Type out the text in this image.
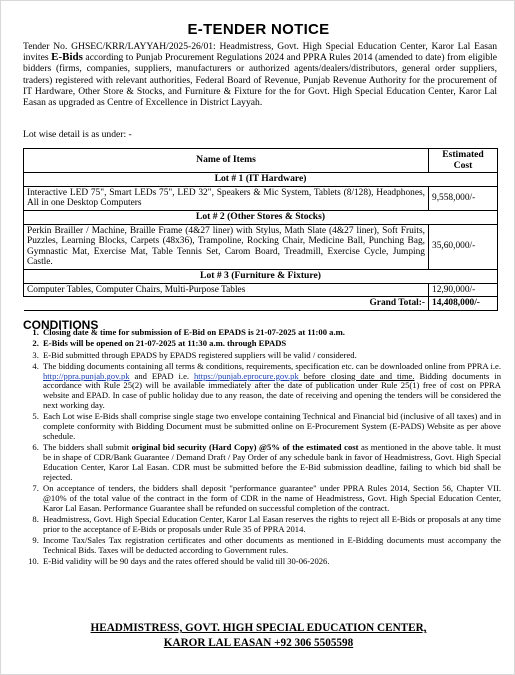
E-TENDER NOTICE
Tender No. GHSEC/KRR/LAYYAH/2025-26/01: Headmistress, Govt. High Special Education Center, Karor Lal Easan invites E-Bids according to Punjab Procurement Regulations 2024 and PPRA Rules 2014 (amended to date) from eligible bidders (firms, companies, suppliers, manufacturers or authorized agents/dealers/distributors, general order suppliers, traders) registered with relevant authorities, Federal Board of Revenue, Punjab Revenue Authority for the procurement of IT Hardware, Other Store & Stocks, and Furniture & Fixture for the for Govt. High Special Education Center, Karor Lal Easan as upgraded as Centre of Excellence in District Layyah.
Lot wise detail is as under: -
Name of Items	Estimated
Cost
Lot # 1 (IT Hardware)	
Interactive LED 75", Smart LEDs 75", LED 32", Speakers & Mic System, Tablets (8/128), Headphones, All in one Desktop Computers	9,558,000/-
Lot # 2 (Other Stores & Stocks)	
Perkin Brailler / Machine, Braille Frame (4&27 liner) with Stylus, Math Slate (4&27 liner), Soft Fruits, Puzzles, Learning Blocks, Carpets (48x36), Trampoline, Rocking Chair, Medicine Ball, Punching Bag, Gymnastic Mat, Exercise Mat, Table Tennis Set, Carom Board, Treadmill, Exercise Cycle, Jumping Castle.	35,60,000/-
Lot # 3 (Furniture & Fixture)	
Computer Tables, Computer Chairs, Multi-Purpose Tables	12,90,000/-
Grand Total:-	14,408,000/-
CONDITIONS
1. Closing date & time for submission of E-Bid on EPADS is 21-07-2025 at 11:00 a.m.
2. E-Bids will be opened on 21-07-2025 at 11:30 a.m. through EPADS
3. E-Bid submitted through EPADS by EPADS registered suppliers will be valid / considered.
4. The bidding documents containing all terms & conditions, requirements, specification etc. can be downloaded online from PPRA i.e. http://ppra.punjab.gov.pk and EPAD i.e. https://punjab.eprocure.gov.pk before closing date and time. Bidding documents in accordance with Rule 25(2) will be available immediately after the date of publication under Rule 25(1) free of cost on PPRA website and EPAD. In case of public holiday due to any reason, the date of receiving and opening the tenders will be considered the next working day.
5. Each Lot wise E-Bids shall comprise single stage two envelope containing Technical and Financial bid (inclusive of all taxes) and in complete conformity with Bidding Document must be submitted online on E-Procurement System (E-PADS) Website as per above schedule.
6. The bidders shall submit original bid security (Hard Copy) @5% of the estimated cost as mentioned in the above table. It must be in shape of CDR/Bank Guarantee / Demand Draft / Pay Order of any schedule bank in favor of Headmistress, Govt. High Special Education Center, Karor Lal Easan. CDR must be submitted before the E-Bid submission deadline, failing to which bid shall be rejected.
7. On acceptance of tenders, the bidders shall deposit "performance guarantee" under PPRA Rules 2014, Section 56, Chapter VII. @10% of the total value of the contract in the form of CDR in the name of Headmistress, Govt. High Special Education Center, Karor Lal Easan. Performance Guarantee shall be refunded on successful completion of the contract.
8. Headmistress, Govt. High Special Education Center, Karor Lal Easan reserves the rights to reject all E-Bids or proposals at any time prior to the acceptance of E-Bids or proposals under Rule 35 of PPRA 2014.
9. Income Tax/Sales Tax registration certificates and other documents as mentioned in E-Bidding documents must accompany the Technical Bids. Taxes will be deducted according to Government rules.
10. E-Bid validity will be 90 days and the rates offered should be valid till 30-06-2026.
HEADMISTRESS, GOVT. HIGH SPECIAL EDUCATION CENTER,
KAROR LAL EASAN +92 306 5505598
